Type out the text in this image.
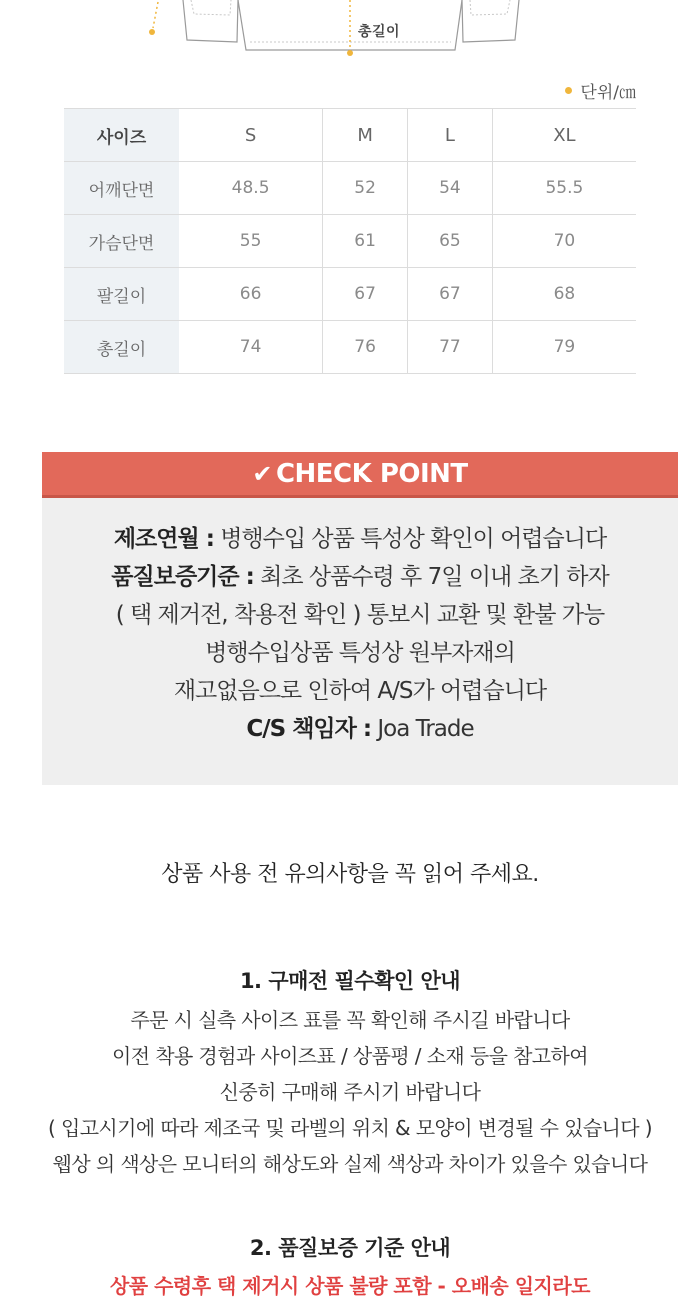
총길이
단위/㎝
사이즈	S	M	L	XL
어깨단면	48.5	52	54	55.5
가슴단면	55	61	65	70
팔길이	66	67	67	68
총길이	74	76	77	79
✔ CHECK POINT
제조연월 : 병행수입 상품 특성상 확인이 어렵습니다
품질보증기준 : 최초 상품수령 후 7일 이내 초기 하자
( 택 제거전, 착용전 확인 ) 통보시 교환 및 환불 가능
병행수입상품 특성상 원부자재의
재고없음으로 인하여 A/S가 어렵습니다
C/S 책임자 : Joa Trade
상품 사용 전 유의사항을 꼭 읽어 주세요.
1. 구매전 필수확인 안내
주문 시 실측 사이즈 표를 꼭 확인해 주시길 바랍니다
이전 착용 경험과 사이즈표 / 상품평 / 소재 등을 참고하여
신중히 구매해 주시기 바랍니다
( 입고시기에 따라 제조국 및 라벨의 위치 & 모양이 변경될 수 있습니다 )
웹상 의 색상은 모니터의 해상도와 실제 색상과 차이가 있을수 있습니다
2. 품질보증 기준 안내
상품 수령후 택 제거시 상품 불량 포함 - 오배송 일지라도
